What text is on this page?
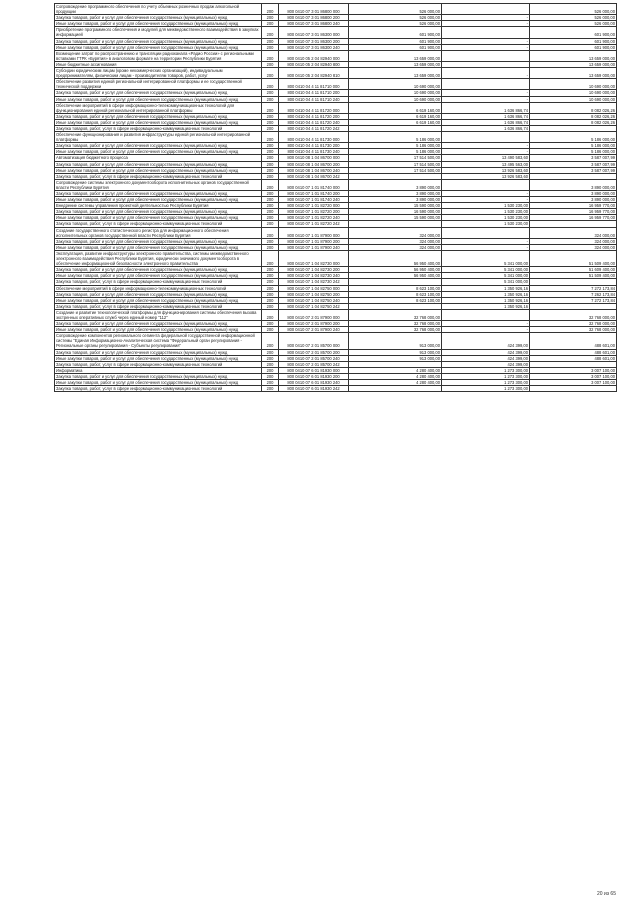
Сопровождение программного обеспечения по учету объемных розничных продаж алкогольной продукции	200	800 0410 07 3 01 86800 000	526 000,00		526 000,00
Закупка товаров, работ и услуг для обеспечения государственных (муниципальных) нужд	200	800 0410 07 3 01 86800 200	526 000,00	-	526 000,00
Иные закупки товаров, работ и услуг для обеспечения государственных (муниципальных) нужд	200	800 0410 07 3 01 86800 240	526 000,00	-	526 000,00
Приобретение программного обеспечения и модулей для межведомственного взаимодействия в закупках информацией	200	800 0410 07 3 01 86300 000	601 900,00		601 900,00
Закупка товаров, работ и услуг для обеспечения государственных (муниципальных) нужд	200	800 0410 07 3 01 86300 200	601 900,00	-	601 900,00
Иные закупки товаров, работ и услуг для обеспечения государственных (муниципальных) нужд	200	800 0410 07 3 01 86300 240	601 900,00	-	601 900,00
Возмещение затрат по распространению и трансляции радиоканала «Радио России» с региональными вставками ГТРК «Бурятия» в аналоговом формате на территории Республики Бурятия	200	800 0410 05 2 04 82940 000	13 659 000,00		13 659 000,00
Иные бюджетные ассигнования	200	800 0410 05 2 04 82940 800	13 659 000,00		13 659 000,00
Субсидии юридическим лицам (кроме некоммерческих организаций), индивидуальным предпринимателям, физическим лицам - производителям товаров, работ, услуг	200	800 0410 05 2 04 82940 810	13 659 000,00	-	13 659 000,00
Обеспечение развития единой региональной интегрированной платформы и ее государственной технической поддержки	200	800 0410 04 4 11 81710 000	10 690 000,00		10 690 000,00
Закупка товаров, работ и услуг для обеспечения государственных (муниципальных) нужд	200	800 0410 04 4 11 81710 200	10 690 000,00	-	10 690 000,00
Иные закупки товаров, работ и услуг для обеспечения государственных (муниципальных) нужд	200	800 0410 04 4 11 81710 240	10 690 000,00	-	10 690 000,00
Обеспечение мероприятий в сфере информационно-телекоммуникационных технологий для функционирования единой региональной интегрированной платформы	200	800 0410 04 4 11 81720 000	6 619 160,00	1 636 866,74	8 082 026,26
Закупка товаров, работ и услуг для обеспечения государственных (муниципальных) нужд	200	800 0410 04 4 11 81720 200	6 619 160,00	1 636 866,74	8 082 026,26
Иные закупки товаров, работ и услуг для обеспечения государственных (муниципальных) нужд	200	800 0410 04 4 11 81720 240	6 619 160,00	1 636 866,74	8 082 026,26
Закупка товаров, работ, услуг в сфере информационно-коммуникационных технологий	200	800 0410 04 4 11 81720 242		1 636 866,74	
Обеспечение функционирования и развития инфраструктуры единой региональной интегрированной платформы	200	800 0410 04 4 11 81730 000	5 186 000,00		5 186 000,00
Закупка товаров, работ и услуг для обеспечения государственных (муниципальных) нужд	200	800 0410 04 4 11 81730 200	5 186 000,00	-	5 186 000,00
Иные закупки товаров, работ и услуг для обеспечения государственных (муниципальных) нужд	200	800 0410 04 4 11 81730 240	5 186 000,00	-	5 186 000,00
Автоматизация бюджетного процесса	200	800 0410 08 1 04 86700 000	17 514 500,00	13 490 583,60	3 587 007,99
Закупка товаров, работ и услуг для обеспечения государственных (муниципальных) нужд	200	800 0410 08 1 04 86700 200	17 514 500,00	13 495 563,00	3 587 007,99
Иные закупки товаров, работ и услуг для обеспечения государственных (муниципальных) нужд	200	800 0410 08 1 04 86700 240	17 514 500,00	13 926 583,60	3 587 007,99
Закупка товаров, работ, услуг в сфере информационно-коммуникационных технологий	200	800 0410 08 1 04 86700 242		13 926 583,60	
Сопровождение системы электронного документооборота исполнительных органов государственной власти Республики Бурятия	200	800 0410 07 1 01 81740 000	3 890 000,00		3 890 000,00
Закупка товаров, работ и услуг для обеспечения государственных (муниципальных) нужд	200	800 0410 07 1 01 81740 200	3 890 000,00	-	3 890 000,00
Иные закупки товаров, работ и услуг для обеспечения государственных (муниципальных) нужд	200	800 0410 07 1 01 81740 240	3 890 000,00	-	3 890 000,00
Внедрение системы управления проектной деятельностью Республики Бурятия	200	800 0410 07 1 01 82720 000	15 590 000,00	1 530 230,00	16 959 770,00
Закупка товаров, работ и услуг для обеспечения государственных (муниципальных) нужд	200	800 0410 07 1 01 82720 200	16 590 000,00	1 530 230,00	16 959 770,00
Иные закупки товаров, работ и услуг для обеспечения государственных (муниципальных) нужд	200	800 0410 07 1 01 82720 240	15 590 000,00	1 530 230,00	16 959 770,00
Закупка товаров, работ, услуг в сфере информационно-коммуникационных технологий	200	800 0410 07 1 01 82720 242		1 530 230,00	
Создание государственного статистического регистра для информационного обеспечения исполнительных органов государственной власти Республики Бурятия	200	800 0410 07 1 01 87900 000	324 000,00		324 000,00
Закупка товаров, работ и услуг для обеспечения государственных (муниципальных) нужд	200	800 0410 07 1 01 87900 200	324 000,00	-	324 000,00
Иные закупки товаров, работ и услуг для обеспечения государственных (муниципальных) нужд	200	800 0410 07 1 01 87900 240	324 000,00	-	324 000,00
Эксплуатация, развитие инфраструктуры электронного правительства, системы межведомственного электронного взаимодействия Республики Бурятия, юридически значимого документооборота в обеспечение информационной безопасности электронного правительства	200	800 0410 07 1 04 82730 000	56 950 400,00	5 341 000,00	51 509 400,00
Закупка товаров, работ и услуг для обеспечения государственных (муниципальных) нужд	200	800 0410 07 1 04 82730 200	56 950 400,00	5 341 000,00	51 609 400,00
Иные закупки товаров, работ и услуг для обеспечения государственных (муниципальных) нужд	200	800 0410 07 1 04 82730 240	56 950 400,00	5 341 000,00	51 509 400,00
Закупка товаров, работ, услуг в сфере информационно-коммуникационных технологий	200	800 0410 07 1 04 82730 242		5 341 000,00	
Обеспечение мероприятий в сфере информационно-телекоммуникационных технологий	200	800 0410 07 1 04 82750 000	8 623 100,00	1 350 926,16	7 272 173,84
Закупка товаров, работ и услуг для обеспечения государственных (муниципальных) нужд	200	800 0410 07 1 04 82750 200	8 623 100,00	1 350 926,16	7 262 173,84
Иные закупки товаров, работ и услуг для обеспечения государственных (муниципальных) нужд	200	800 0410 07 1 04 82750 240	8 623 100,00	1 350 926,16	7 272 173,84
Закупка товаров, работ, услуг в сфере информационно-коммуникационных технологий	200	800 0410 07 1 04 82750 242		1 350 926,16	
Создание и развитие технологической платформы для функционирования системы обеспечения вызова экстренных оперативных служб через единый номер "112"	200	800 0410 07 2 01 87900 000	32 768 000,00		32 768 000,00
Закупка товаров, работ и услуг для обеспечения государственных (муниципальных) нужд	200	800 0410 07 2 01 87900 200	32 768 000,00	-	32 768 000,00
Иные закупки товаров, работ и услуг для обеспечения государственных (муниципальных) нужд	200	800 0410 07 2 01 87900 240	32 768 000,00	-	32 768 000,00
Сопровождение компонентов регионального сегмента федеральной государственной информационной системы "Единая Информационно-Аналитическая система "Федеральный орган регулирования - Региональные органы регулирования - Субъекты регулирования"	200	800 0410 07 2 01 85700 000	913 000,00	424 399,00	488 601,00
Закупка товаров, работ и услуг для обеспечения государственных (муниципальных) нужд	200	800 0410 07 2 01 85700 200	913 000,00	424 399,00	488 601,00
Иные закупки товаров, работ и услуг для обеспечения государственных (муниципальных) нужд	200	800 0410 07 2 01 85700 240	913 000,00	424 399,00	488 601,00
Закупка товаров, работ, услуг в сфере информационно-коммуникационных технологий	200	800 0410 07 2 01 85700 242		424 399,00	
Информатика	200	800 0410 07 6 01 81930 000	4 280 400,00	1 273 300,00	3 007 100,00
Закупка товаров, работ и услуг для обеспечения государственных (муниципальных) нужд	200	800 0410 07 6 01 81930 200	4 280 400,00	1 273 300,00	3 007 100,00
Иные закупки товаров, работ и услуг для обеспечения государственных (муниципальных) нужд	200	800 0410 07 6 01 81930 240	4 280 400,00	1 273 300,00	3 007 100,00
Закупка товаров, работ, услуг в сфере информационно-коммуникационных технологий	200	800 0410 07 6 01 81930 242		1 273 300,00	
20 из 65
